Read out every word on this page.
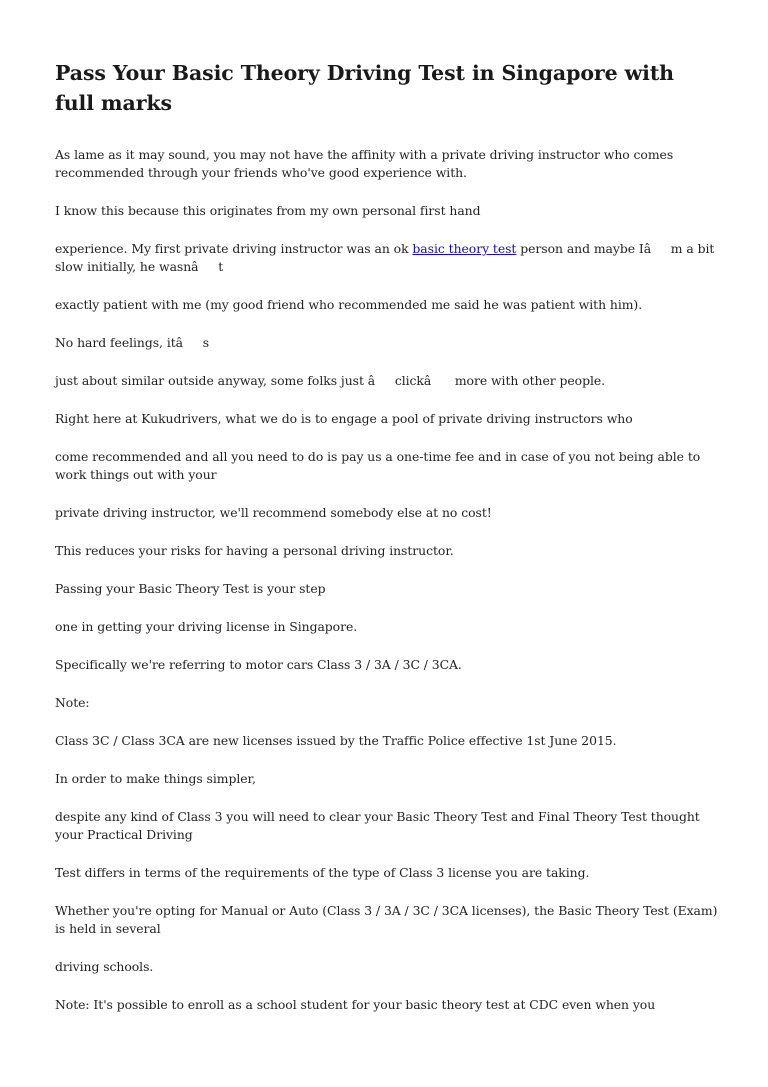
Pass Your Basic Theory Driving Test in Singapore with full marks

As lame as it may sound, you may not have the affinity with a private driving instructor who comes recommended through your friends who've good experience with.

I know this because this originates from my own personal first hand

experience. My first private driving instructor was an ok basic theory test person and maybe Iâm a bit slow initially, he wasnât

exactly patient with me (my good friend who recommended me said he was patient with him).

No hard feelings, itâs

just about similar outside anyway, some folks just âclickâ more with other people.

Right here at Kukudrivers, what we do is to engage a pool of private driving instructors who

come recommended and all you need to do is pay us a one-time fee and in case of you not being able to work things out with your

private driving instructor, we'll recommend somebody else at no cost!

This reduces your risks for having a personal driving instructor.

Passing your Basic Theory Test is your step

one in getting your driving license in Singapore.

Specifically we're referring to motor cars Class 3 / 3A / 3C / 3CA.

Note:

Class 3C / Class 3CA are new licenses issued by the Traffic Police effective 1st June 2015.

In order to make things simpler,

despite any kind of Class 3 you will need to clear your Basic Theory Test and Final Theory Test thought your Practical Driving

Test differs in terms of the requirements of the type of Class 3 license you are taking.

Whether you're opting for Manual or Auto (Class 3 / 3A / 3C / 3CA licenses), the Basic Theory Test (Exam) is held in several

driving schools.

Note: It's possible to enroll as a school student for your basic theory test at CDC even when you
